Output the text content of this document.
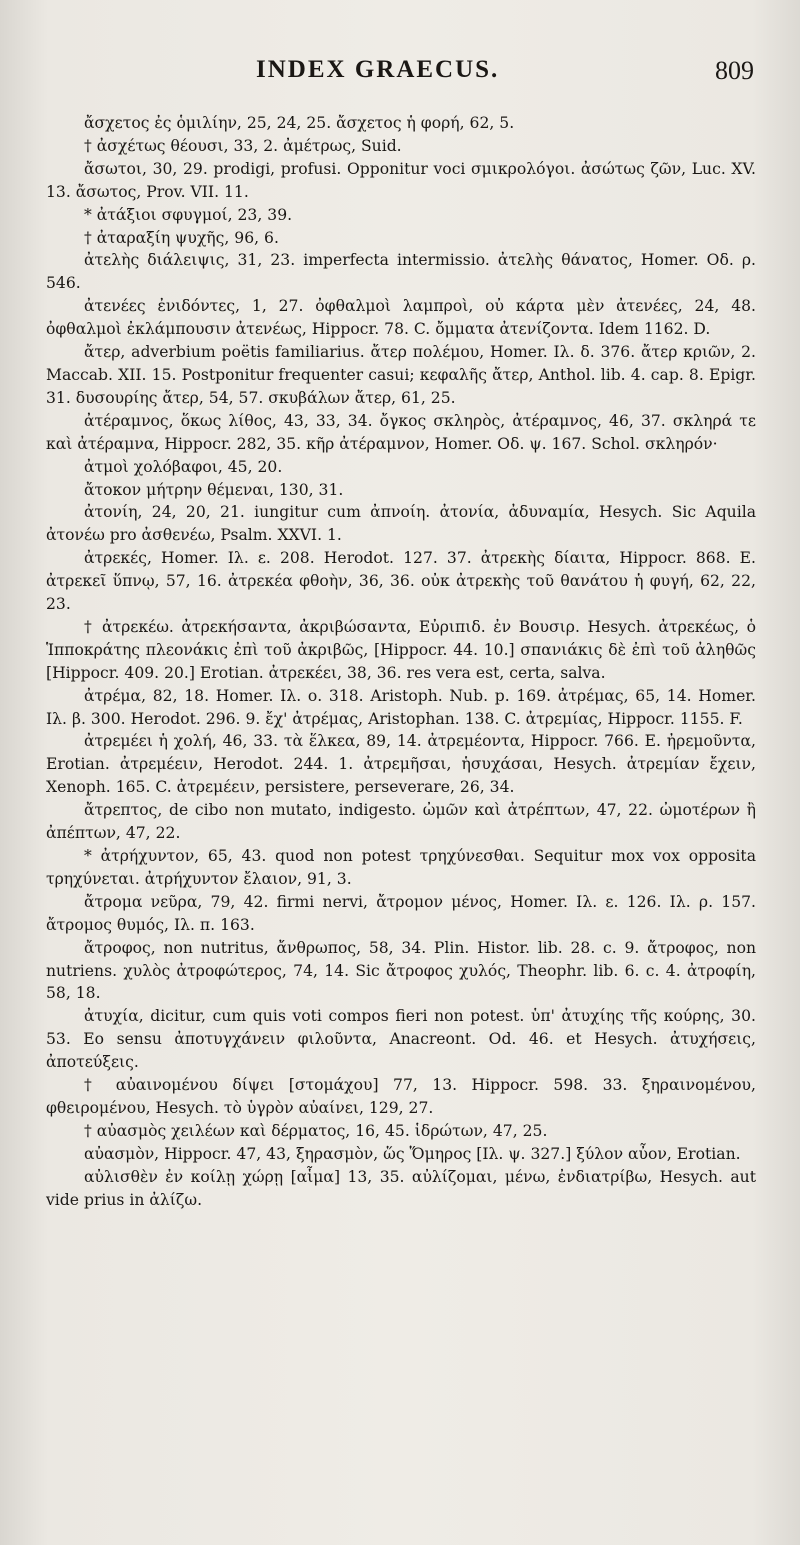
INDEX GRAECUS.	809

ἄσχετος ἐς ὁμιλίην, 25, 24, 25. ἄσχετος ἡ φορή, 62, 5.

† ἀσχέτως θέουσι, 33, 2. ἀμέτρως, Suid.

ἄσωτοι, 30, 29. prodigi, profusi. Opponitur voci σμικρολόγοι. ἀσώτως ζῶν, Luc. XV. 13. ἄσωτος, Prov. VII. 11.

* ἀτάξιοι σφυγμοί, 23, 39.

† ἀταραξίη ψυχῆς, 96, 6.

ἀτελὴς διάλειψις, 31, 23. imperfecta intermissio. ἀτελὴς θάνατος, Homer. Οδ. ρ. 546.

ἀτενέες ἐνιδόντες, 1, 27. ὀφθαλμοὶ λαμπροὶ, οὐ κάρτα μὲν ἀτενέες, 24, 48. ὀφθαλμοὶ ἐκλάμπουσιν ἀτενέως, Hippocr. 78. C. ὄμματα ἀτενίζοντα. Idem 1162. D.

ἄτερ, adverbium poëtis familiarius. ἄτερ πολέμου, Homer. Ιλ. δ. 376. ἄτερ κριῶν, 2. Maccab. XII. 15. Postponitur frequenter casui; κεφαλῆς ἄτερ, Anthol. lib. 4. cap. 8. Epigr. 31. δυσουρίης ἄτερ, 54, 57. σκυβάλων ἄτερ, 61, 25.

ἀτέραμνος, ὅκως λίθος, 43, 33, 34. ὄγκος σκληρὸς, ἀτέραμνος, 46, 37. σκληρά τε καὶ ἀτέραμνα, Hippocr. 282, 35. κῆρ ἀτέραμνον, Homer. Οδ. ψ. 167. Schol. σκληρόν·

ἀτμοὶ χολόβαφοι, 45, 20.

ἄτοκον μήτρην θέμεναι, 130, 31.

ἀτονίη, 24, 20, 21. iungitur cum ἀπνοίη. ἀτονία, ἀδυναμία, Hesych. Sic Aquila ἀτονέω pro ἀσθενέω, Psalm. XXVI. 1.

ἀτρεκές, Homer. Ιλ. ε. 208. Herodot. 127. 37. ἀτρεκὴς δίαιτα, Hippocr. 868. E. ἀτρεκεῖ ὕπνῳ, 57, 16. ἀτρεκέα φθοὴν, 36, 36. οὐκ ἀτρεκὴς τοῦ θανάτου ἡ φυγή, 62, 22, 23.

† ἀτρεκέω. ἀτρεκήσαντα, ἀκριβώσαντα, Εὐριπιδ. ἐν Βουσιρ. Hesych. ἀτρεκέως, ὁ Ἱπποκράτης πλεονάκις ἐπὶ τοῦ ἀκριβῶς, [Hippocr. 44. 10.] σπανιάκις δὲ ἐπὶ τοῦ ἀληθῶς [Hippocr. 409. 20.] Erotian. ἀτρεκέει, 38, 36. res vera est, certa, salva.

ἀτρέμα, 82, 18. Homer. Ιλ. ο. 318. Aristoph. Nub. p. 169. ἀτρέμας, 65, 14. Homer. Ιλ. β. 300. Herodot. 296. 9. ἔχ' ἀτρέμας, Aristophan. 138. C. ἀτρεμίας, Hippocr. 1155. F.

ἀτρεμέει ἡ χολή, 46, 33. τὰ ἕλκεα, 89, 14. ἀτρεμέοντα, Hippocr. 766. E. ἠρεμοῦντα, Erotian. ἀτρεμέειν, Herodot. 244. 1. ἀτρεμῆσαι, ἡσυχάσαι, Hesych. ἀτρεμίαν ἔχειν, Xenoph. 165. C. ἀτρεμέειν, persistere, perseverare, 26, 34.

ἄτρεπτος, de cibo non mutato, indigesto. ὠμῶν καὶ ἀτρέπτων, 47, 22. ὠμοτέρων ἢ ἀπέπτων, 47, 22.

* ἀτρήχυντον, 65, 43. quod non potest τρηχύνεσθαι. Sequitur mox vox opposita τρηχύνεται. ἀτρήχυντον ἔλαιον, 91, 3.

ἄτρομα νεῦρα, 79, 42. firmi nervi, ἄτρομον μένος, Homer. Ιλ. ε. 126. Ιλ. ρ. 157. ἄτρομος θυμός, Ιλ. π. 163.

ἄτροφος, non nutritus, ἄνθρωπος, 58, 34. Plin. Histor. lib. 28. c. 9. ἄτροφος, non nutriens. χυλὸς ἀτροφώτερος, 74, 14. Sic ἄτροφος χυλός, Theophr. lib. 6. c. 4. ἀτροφίη, 58, 18.

ἀτυχία, dicitur, cum quis voti compos fieri non potest. ὑπ' ἀτυχίης τῆς κούρης, 30. 53. Eo sensu ἀποτυγχάνειν φιλοῦντα, Anacreont. Od. 46. et Hesych. ἀτυχήσεις, ἀποτεύξεις.

† αὐαινομένου δίψει [στομάχου] 77, 13. Hippocr. 598. 33. ξηραινομένου, φθειρομένου, Hesych. τὸ ὑγρὸν αὐαίνει, 129, 27.

† αὐασμὸς χειλέων καὶ δέρματος, 16, 45. ἱδρώτων, 47, 25.

αὐασμὸν, Hippocr. 47, 43, ξηρασμὸν, ὥς Ὅμηρος [Ιλ. ψ. 327.] ξύλον αὖον, Erotian.

αὐλισθὲν ἐν κοίλῃ χώρῃ [αἷμα] 13, 35. αὐλίζομαι, μένω, ἐνδιατρίβω, Hesych. aut vide prius in ἀλίζω.
